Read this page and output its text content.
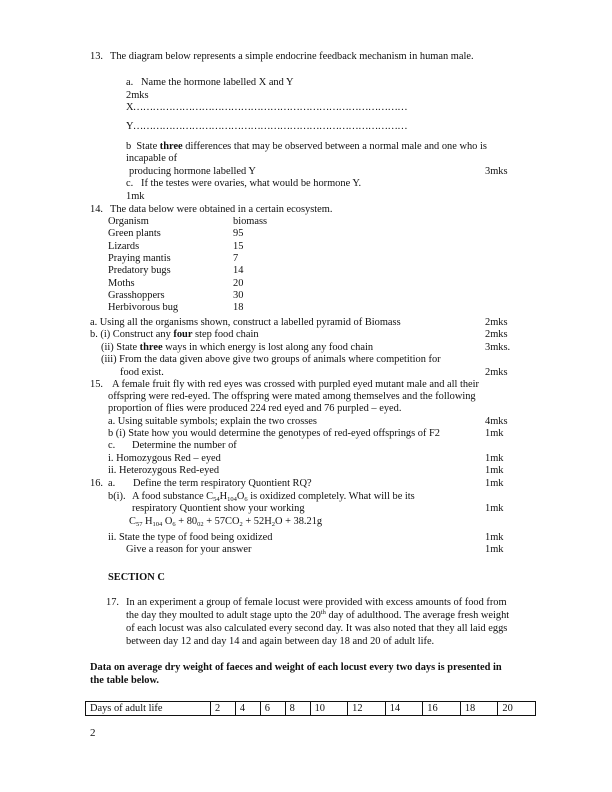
13. The diagram below represents a simple endocrine feedback mechanism in human male.
a. Name the hormone labelled X and Y
2mks
X…………………………………………………………………………
Y…………………………………………………………………………
b State three differences that may be observed between a normal male and one who is
incapable of
producing hormone labelled Y	3mks
c. If the testes were ovaries, what would be hormone Y.
1mk
14. The data below were obtained in a certain ecosystem.
Organism	biomass
Green plants	95
Lizards	15
Praying mantis	7
Predatory bugs	14
Moths	20
Grasshoppers	30
Herbivorous bug	18
a. Using all the organisms shown, construct a labelled pyramid of Biomass	2mks
b. (i) Construct any four step food chain	2mks
(ii) State three ways in which energy is lost along any food chain	3mks.
(iii) From the data given above give two groups of animals where competition for
food exist.	2mks
15. A female fruit fly with red eyes was crossed with purpled eyed mutant male and all their
offspring were red-eyed. The offspring were mated among themselves and the following
proportion of flies were produced 224 red eyed and 76 purpled – eyed.
a. Using suitable symbols; explain the two crosses	4mks
b (i) State how you would determine the genotypes of red-eyed offsprings of F2	1mk
c. Determine the number of
i. Homozygous Red – eyed	1mk
ii. Heterozygous Red-eyed	1mk
16. a. Define the term respiratory Quontient RQ?	1mk
b(i). A food substance $C_{54}H_{104}O_6$ is oxidized completely. What will be its
respiratory Quontient show your working	1mk
$C_{57}$ $H_{104}$ $O_6 + 80_{02} + 57CO_2 + 52H_2O + 38.21g$
ii. State the type of food being oxidized	1mk
Give a reason for your answer	1mk
SECTION C
17. In an experiment a group of female locust were provided with excess amounts of food from
the day they moulted to adult stage upto the 20th day of adulthood. The average fresh weight
of each locust was also calculated every second day. It was also noted that they all laid eggs
between day 12 and day 14 and again between day 18 and 20 of adult life.
Data on average dry weight of faeces and weight of each locust every two days is presented in
the table below.
Days of adult life	2	4	6	8	10	12	14	16	18	20
2
